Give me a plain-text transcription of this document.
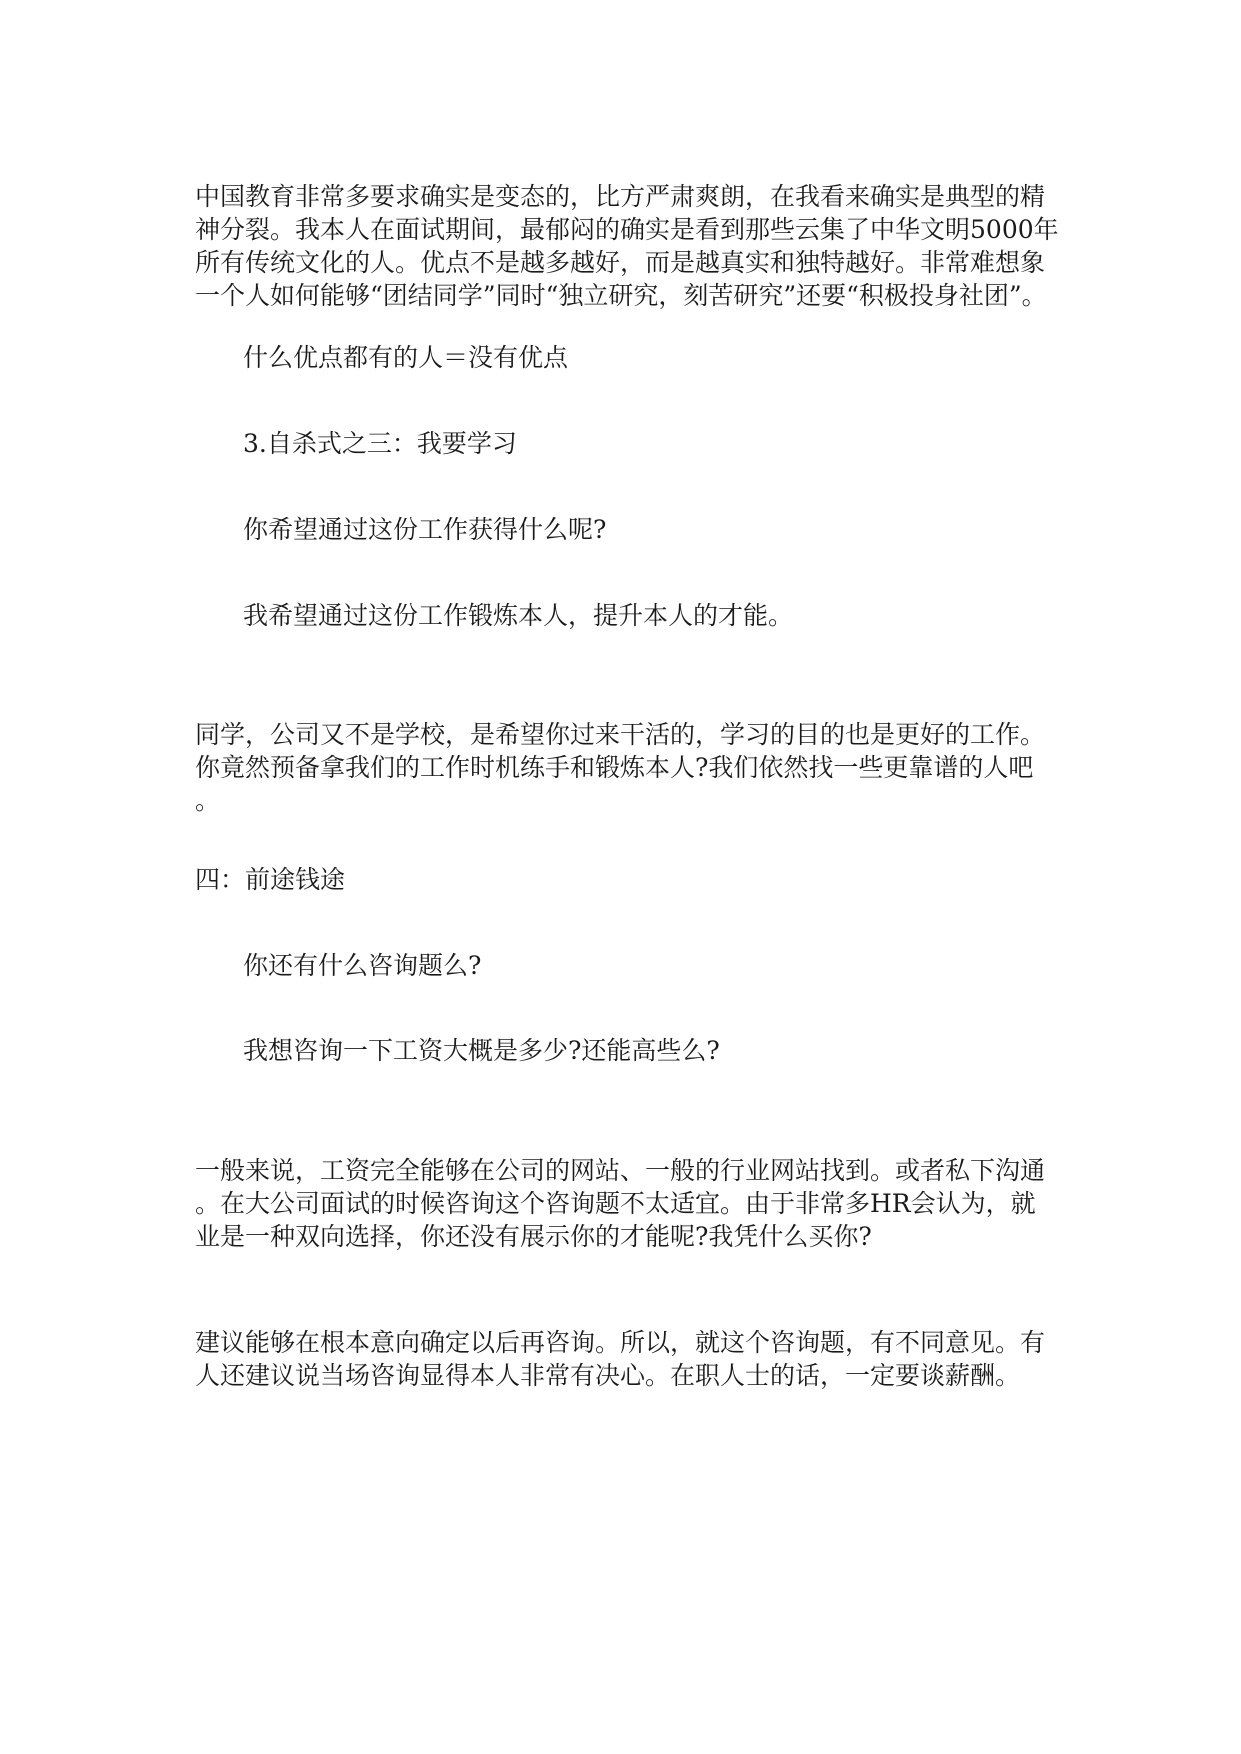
中国教育非常多要求确实是变态的，比方严肃爽朗，在我看来确实是典型的精
神分裂。我本人在面试期间，最郁闷的确实是看到那些云集了中华文明5000年
所有传统文化的人。优点不是越多越好，而是越真实和独特越好。非常难想象
一个人如何能够“团结同学”同时“独立研究，刻苦研究”还要“积极投身社团”。
什么优点都有的人＝没有优点
3.自杀式之三：我要学习
你希望通过这份工作获得什么呢?
我希望通过这份工作锻炼本人，提升本人的才能。
同学，公司又不是学校，是希望你过来干活的，学习的目的也是更好的工作。
你竟然预备拿我们的工作时机练手和锻炼本人?我们依然找一些更靠谱的人吧
。
四：前途钱途
你还有什么咨询题么?
我想咨询一下工资大概是多少?还能高些么?
一般来说，工资完全能够在公司的网站、一般的行业网站找到。或者私下沟通
。在大公司面试的时候咨询这个咨询题不太适宜。由于非常多HR会认为，就
业是一种双向选择，你还没有展示你的才能呢?我凭什么买你?
建议能够在根本意向确定以后再咨询。所以，就这个咨询题，有不同意见。有
人还建议说当场咨询显得本人非常有决心。在职人士的话，一定要谈薪酬。
